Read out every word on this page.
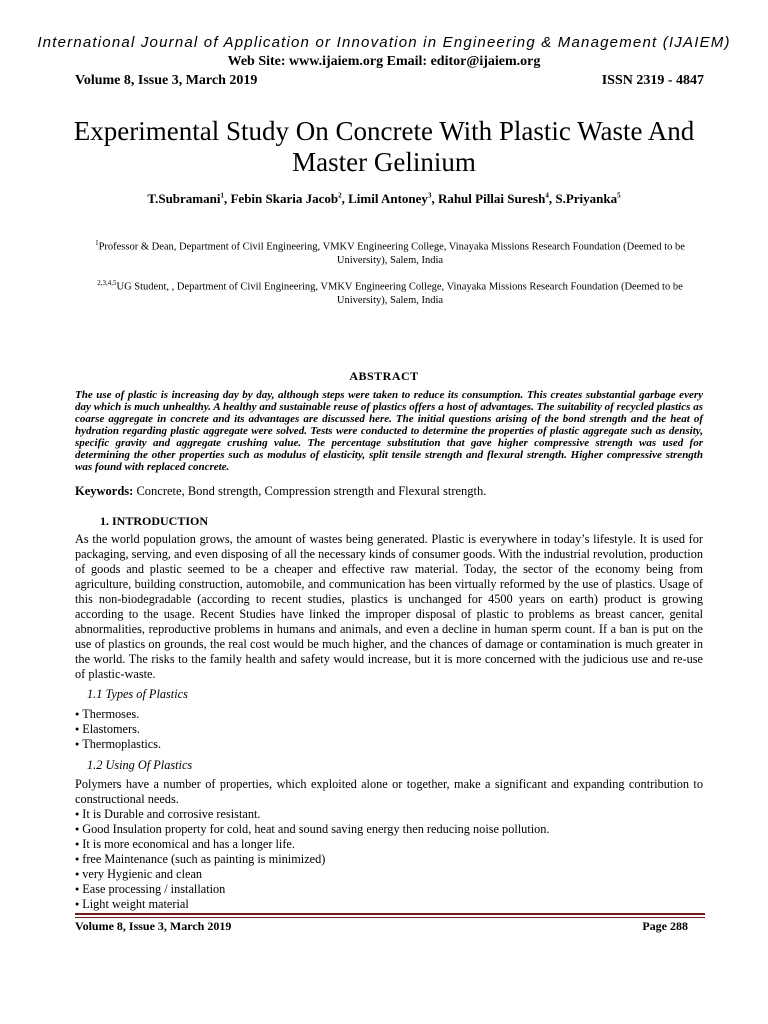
International Journal of Application or Innovation in Engineering & Management (IJAIEM)
Web Site: www.ijaiem.org Email: editor@ijaiem.org
Volume 8, Issue 3, March 2019	ISSN 2319 - 4847
Experimental Study On Concrete With Plastic Waste And Master Gelinium
T.Subramani$^1$, Febin Skaria Jacob$^2$, Limil Antoney$^3$, Rahul Pillai Suresh$^4$, S.Priyanka$^5$
$^1$Professor & Dean, Department of Civil Engineering, VMKV Engineering College, Vinayaka Missions Research Foundation (Deemed to be University), Salem, India
$^{2,3,4,5}$UG Student, , Department of Civil Engineering, VMKV Engineering College, Vinayaka Missions Research Foundation (Deemed to be University), Salem, India
ABSTRACT
The use of plastic is increasing day by day, although steps were taken to reduce its consumption. This creates substantial garbage every day which is much unhealthy. A healthy and sustainable reuse of plastics offers a host of advantages. The suitability of recycled plastics as coarse aggregate in concrete and its advantages are discussed here. The initial questions arising of the bond strength and the heat of hydration regarding plastic aggregate were solved. Tests were conducted to determine the properties of plastic aggregate such as density, specific gravity and aggregate crushing value. The percentage substitution that gave higher compressive strength was used for determining the other properties such as modulus of elasticity, split tensile strength and flexural strength. Higher compressive strength was found with replaced concrete.
Keywords: Concrete, Bond strength, Compression strength and Flexural strength.
1. INTRODUCTION
As the world population grows, the amount of wastes being generated. Plastic is everywhere in today’s lifestyle. It is used for packaging, serving, and even disposing of all the necessary kinds of consumer goods. With the industrial revolution, production of goods and plastic seemed to be a cheaper and effective raw material. Today, the sector of the economy being from agriculture, building construction, automobile, and communication has been virtually reformed by the use of plastics. Usage of this non-biodegradable (according to recent studies, plastics is unchanged for 4500 years on earth) product is growing according to the usage. Recent Studies have linked the improper disposal of plastic to problems as breast cancer, genital abnormalities, reproductive problems in humans and animals, and even a decline in human sperm count. If a ban is put on the use of plastics on grounds, the real cost would be much higher, and the chances of damage or contamination is much greater in the world. The risks to the family health and safety would increase, but it is more concerned with the judicious use and re-use of plastic-waste.
1.1 Types of Plastics
● Thermoses.
● Elastomers.
● Thermoplastics.
1.2 Using Of Plastics
Polymers have a number of properties, which exploited alone or together, make a significant and expanding contribution to constructional needs.
● It is Durable and corrosive resistant.
● Good Insulation property for cold, heat and sound saving energy then reducing noise pollution.
● It is more economical and has a longer life.
● free Maintenance (such as painting is minimized)
● very Hygienic and clean
● Ease processing / installation
● Light weight material
Volume 8, Issue 3, March 2019	Page 288
